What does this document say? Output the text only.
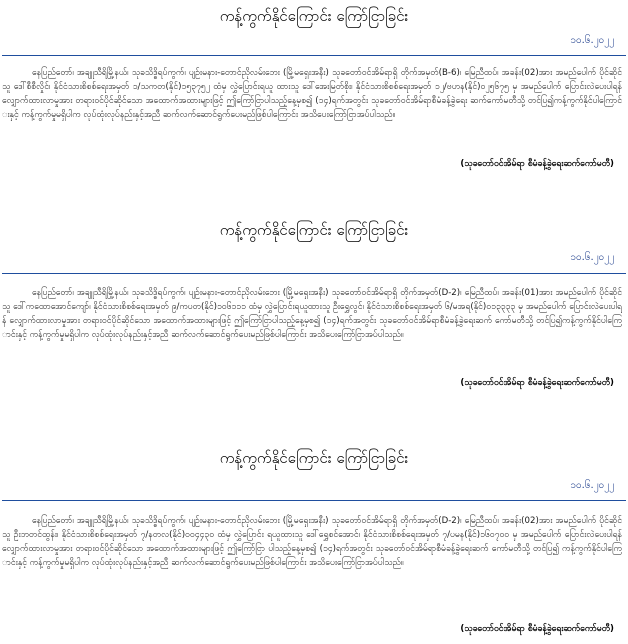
ကန့်ကွက်နိုင်ကြောင်း ကြော်ငြာခြင်း
၁၀.၆.၂၀၂၂
နေပြည်တော်၊ အချူသီရိမြို့နယ်၊ သုခသိဒ္ဓိရပ်ကွက်၊ ပျဉ်းမနား-တောင်ညိုလမ်းဘေး (မြို့မရှေးအနီး) သုခတော်ဝင်အိမ်ရာရှိ တိုက်အမှတ်(B-6)၊ မြေညီထပ်၊ အခန်း(02)အား အမည်ပေါက် ပိုင်ဆိုင်သူ ဒေါ်စီစီလှိုင်၊ နိုင်ငံသားစိစစ်ရေးအမှတ် ၁/သကတ(နိုင်)၁၅၃၇၅၂ ထံမှ လွှဲပြောင်းရယူ ထားသူ ဒေါ်အေးမြတ်စိုး၊ နိုင်ငံသားစိစစ်ရေးအမှတ် ၁၂/ဗဟန(နိုင်)၀၂၅၆၇၅ မှ အမည်ပေါက် ပြောင်းလဲပေးပါရန် လျှောက်ထားလာမှုအား တရားဝင်ပိုင်ဆိုင်သော အထောက်အထားများဖြင့် ဤကြော်ငြာပါသည့်နေ့မှစ၍ (၁၄)ရက်အတွင်း သုခတော်ဝင်အိမ်ရာစီမံခန့်ခွဲရေး ဆက်ကော်မတီသို့ တင်ပြ၍ကန့်ကွက်နိုင်ပါကြောင်းနှင့် ကန့်ကွက်မှုမရှိပါက လုပ်ထုံးလုပ်နည်းနှင့်အညီ ဆက်လက်ဆောင်ရွက်ပေးမည်ဖြစ်ပါကြောင်း အသိပေးကြော်ငြာအပ်ပါသည်။
(သုခတော်ဝင်အိမ်ရာ စီမံခန့်ခွဲရေးဆက်ကော်မတီ)
ကန့်ကွက်နိုင်ကြောင်း ကြော်ငြာခြင်း
၁၀.၆.၂၀၂၂
နေပြည်တော်၊ အချူသီရိမြို့နယ်၊ သုခသိဒ္ဓိရပ်ကွက်၊ ပျဉ်းမနား-တောင်ညိုလမ်းဘေး (မြို့မရှေးအနီး) သုခတော်ဝင်အိမ်ရာရှိ တိုက်အမှတ်(D-2)၊ မြေညီထပ်၊ အခန်း(01)အား အမည်ပေါက် ပိုင်ဆိုင်သူ ဒေါ်ကထောအောင်ကျော်၊ နိုင်ငံသားစိစစ်ရေးအမှတ် ၉/ကပတ(နိုင်)၁၀၆၁၁၁ ထံမှ လွှဲပြောင်းရယူထားသူ ဦးရွှေလွင်၊ နိုင်ငံသားစိစစ်ရေးအမှတ် ၆/မအရ(နိုင်)၀၁၃၃၃၃ မှ အမည်ပေါက် ပြောင်းလဲပေးပါရန် လျှောက်ထားလာမှုအား တရားဝင်ပိုင်ဆိုင်သော အထောက်အထားများဖြင့် ဤကြော်ငြာပါသည့်နေ့မှစ၍ (၁၄)ရက်အတွင်း သုခတော်ဝင်အိမ်ရာစီမံခန့်ခွဲရေးဆက် ကော်မတီသို့ တင်ပြ၍ကန့်ကွက်နိုင်ပါကြောင်းနှင့် ကန့်ကွက်မှုမရှိပါက လုပ်ထုံးလုပ်နည်းနှင့်အညီ ဆက်လက်ဆောင်ရွက်ပေးမည်ဖြစ်ပါကြောင်း အသိပေးကြော်ငြာအပ်ပါသည်။
(သုခတော်ဝင်အိမ်ရာ စီမံခန့်ခွဲရေးဆက်ကော်မတီ)
ကန့်ကွက်နိုင်ကြောင်း ကြော်ငြာခြင်း
၁၀.၆.၂၀၂၂
နေပြည်တော်၊ အချူသီရိမြို့နယ်၊ သုခသိဒ္ဓိရပ်ကွက်၊ ပျဉ်းမနား-တောင်ညိုလမ်းဘေး (မြို့မရှေးအနီး) သုခတော်ဝင်အိမ်ရာရှိ တိုက်အမှတ်(D-2)၊ မြေညီထပ်၊ အခန်း(02)အား အမည်ပေါက် ပိုင်ဆိုင်သူ ဦးဘတင်ထွန်း၊ နိုင်ငံသားစိစစ်ရေးအမှတ် ၇/နတလ(နိုင်)၀၀၄၄၃၀ ထံမှ လွှဲပြောင်း ရယူထားသူ ဒေါ်ရွှေစင်အောင်၊ နိုင်ငံသားစိစစ်ရေးအမှတ် ၇/ပမန(နိုင်)၁၆၀၇၀၀ မှ အမည်ပေါက် ပြောင်းလဲပေးပါရန် လျှောက်ထားလာမှုအား တရားဝင်ပိုင်ဆိုင်သော အထောက်အထားများဖြင့် ဤကြော်ငြာ ပါသည့်နေ့မှစ၍ (၁၄)ရက်အတွင်း သုခတော်ဝင်အိမ်ရာစီမံခန့်ခွဲရေးဆက် ကော်မတီသို့ တင်ပြ၍ ကန့်ကွက်နိုင်ပါကြောင်းနှင့် ကန့်ကွက်မှုမရှိပါက လုပ်ထုံးလုပ်နည်းနှင့်အညီ ဆက်လက်ဆောင်ရွက်ပေးမည်ဖြစ်ပါကြောင်း အသိပေးကြော်ငြာအပ်ပါသည်။
(သုခတော်ဝင်အိမ်ရာ စီမံခန့်ခွဲရေးဆက်ကော်မတီ)
